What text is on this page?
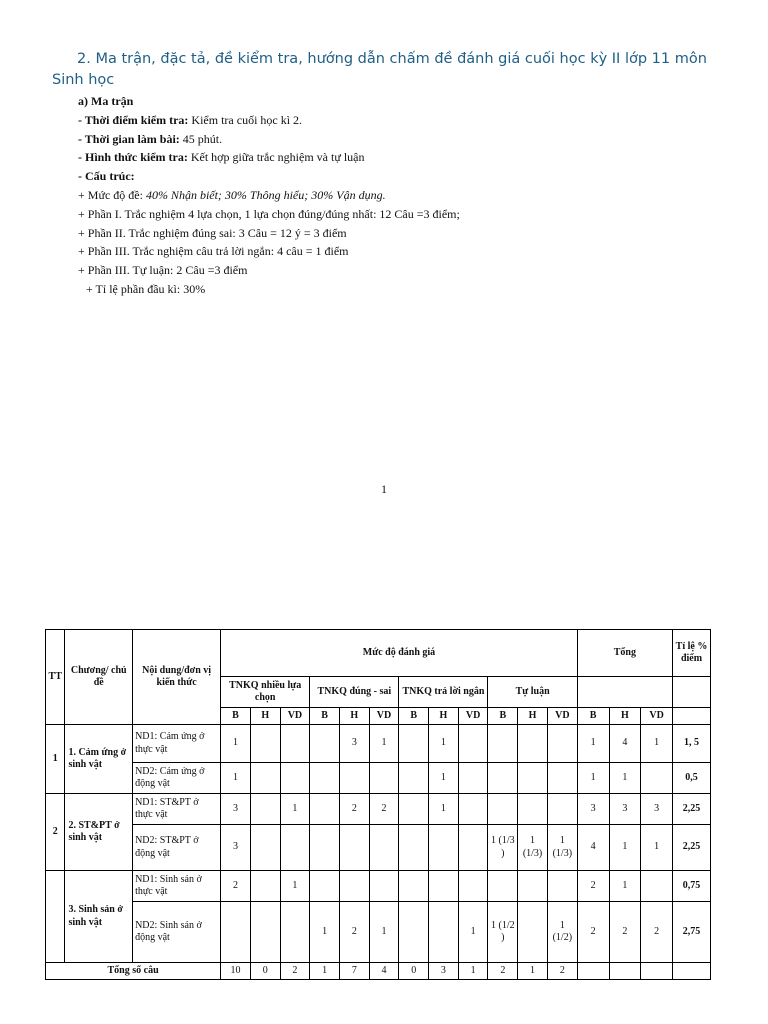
2. Ma trận, đặc tả, đề kiểm tra, hướng dẫn chấm đề đánh giá cuối học kỳ II lớp 11 môn Sinh học
a) Ma trận
- Thời điểm kiểm tra: Kiểm tra cuối học kì 2.
- Thời gian làm bài: 45 phút.
- Hình thức kiểm tra: Kết hợp giữa trắc nghiệm và tự luận
- Cấu trúc:
+ Mức độ đề: 40% Nhận biết; 30% Thông hiểu; 30% Vận dụng.
+ Phần I. Trắc nghiệm 4 lựa chọn, 1 lựa chọn đúng/đúng nhất: 12 Câu =3 điểm;
+ Phần II. Trắc nghiệm đúng sai: 3 Câu = 12 ý = 3 điểm
+ Phần III. Trắc nghiệm câu trả lời ngắn: 4 câu = 1 điểm
+ Phần III. Tự luận: 2 Câu =3 điểm
+ Tỉ lệ phần đầu kì: 30%
1
TT	Chương/ chủ đề	Nội dung/đơn vị kiến thức	Mức độ đánh giá												Tổng			Tỉ lệ % điểm
			TNKQ nhiều lựa chọn			TNKQ đúng - sai			TNKQ trả lời ngắn			Tự luận						
			B	H	VD	B	H	VD	B	H	VD	B	H	VD	B	H	VD	
1	1. Cảm ứng ở sinh vật	ND1: Cảm ứng ở thực vật	1				3	1		1					1	4	1	1, 5
		ND2: Cảm ứng ở động vật	1							1					1	1		0,5
2	2. ST&PT ở sinh vật	ND1: ST&PT ở thực vật	3		1		2	2		1					3	3	3	2,25
		ND2: ST&PT ở động vật	3									1 (1/3 )	1 (1/3)	1 (1/3)	4	1	1	2,25
	3. Sinh sản ở sinh vật	ND1: Sinh sản ở thực vật	2		1										2	1		0,75
		ND2: Sinh sản ở động vật				1	2	1			1	1 (1/2 )		1 (1/2)	2	2	2	2,75
Tổng số câu			10	0	2	1	7	4	0	3	1	2	1	2				
